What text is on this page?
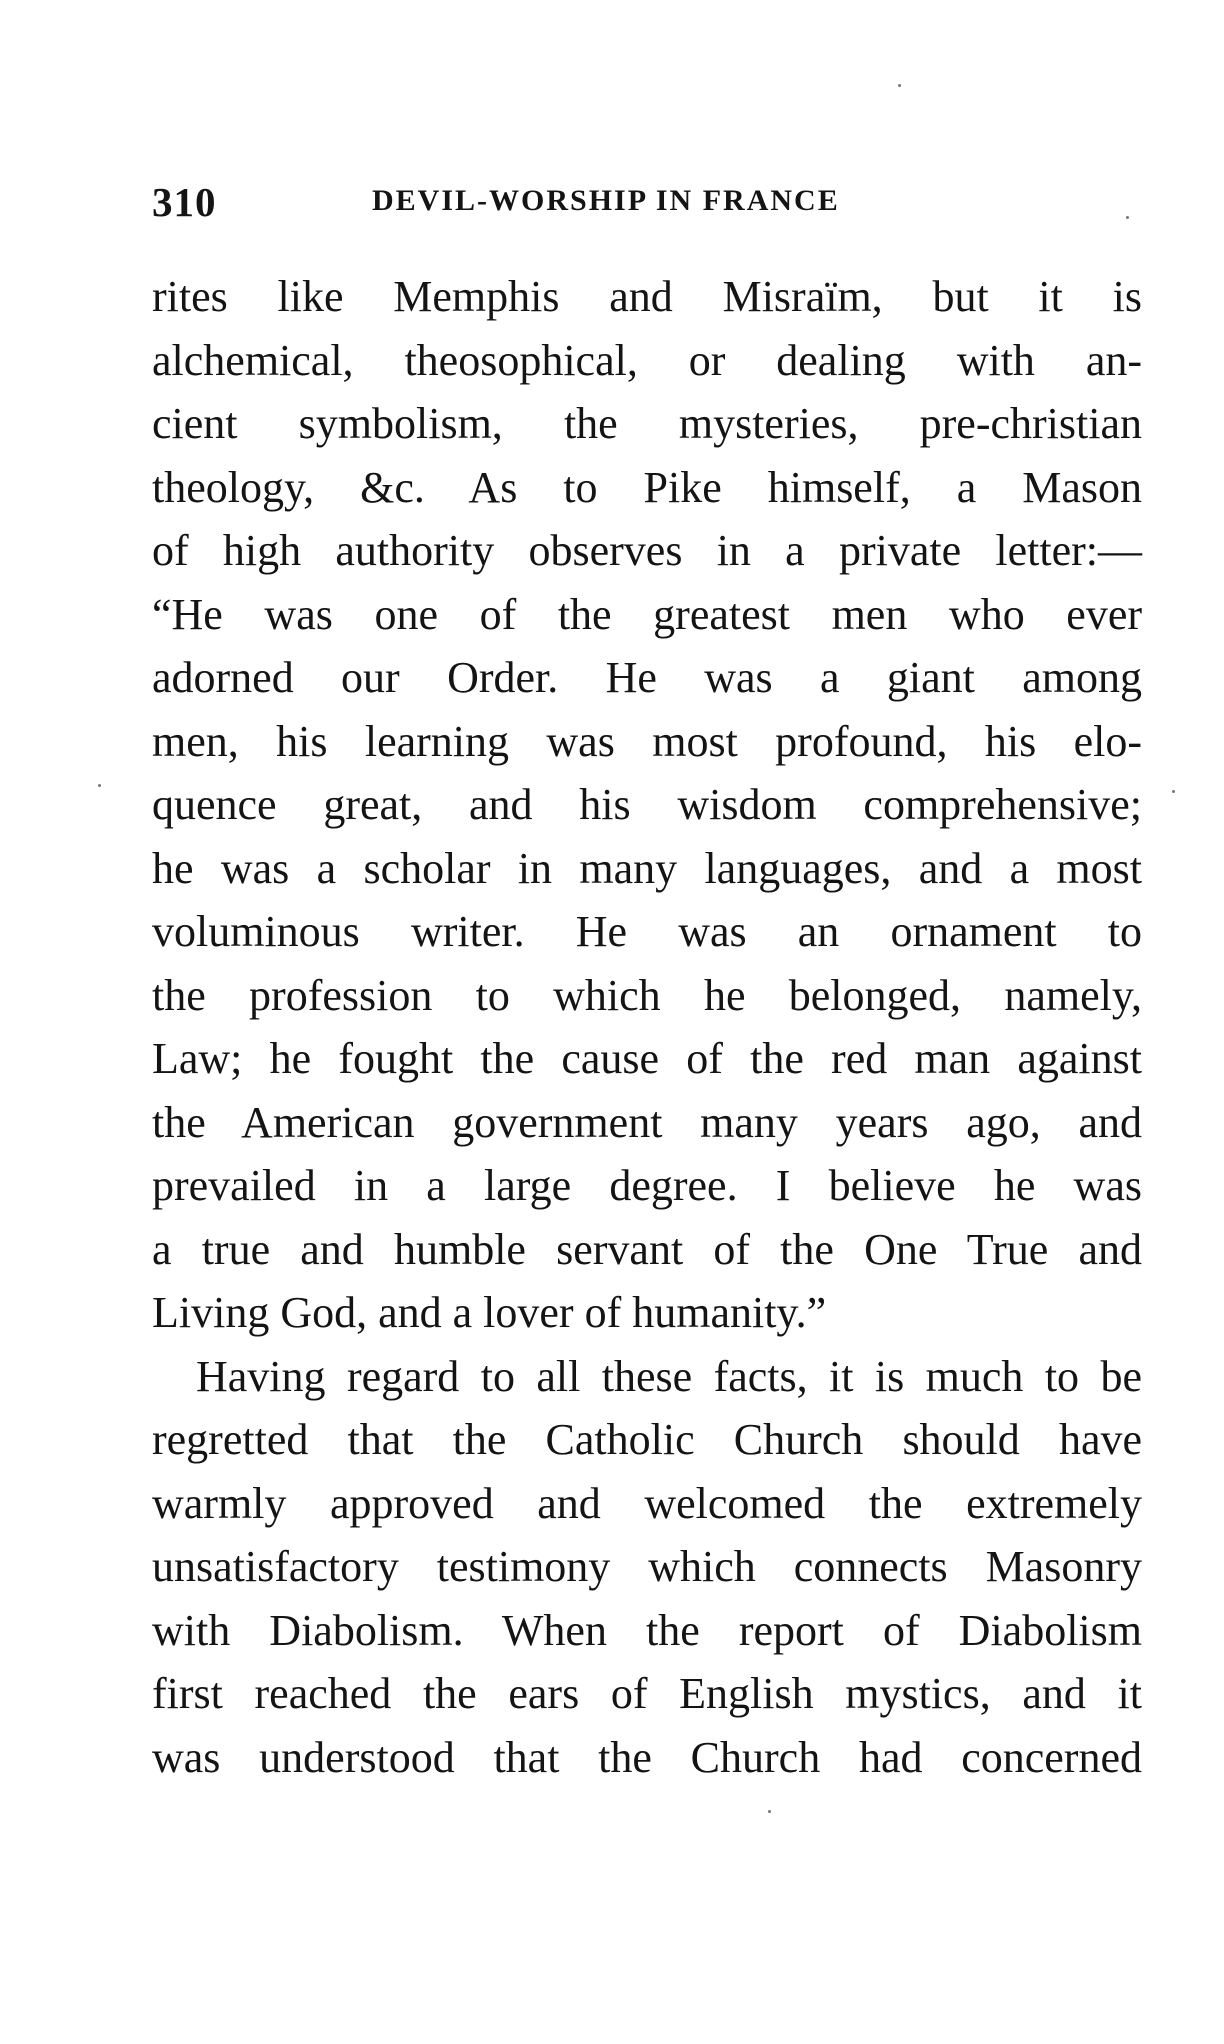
310	DEVIL-WORSHIP IN FRANCE
rites like Memphis and Misraïm, but it is
alchemical, theosophical, or dealing with an-
cient symbolism, the mysteries, pre-christian
theology, &c. As to Pike himself, a Mason
of high authority observes in a private letter:—
“He was one of the greatest men who ever
adorned our Order. He was a giant among
men, his learning was most profound, his elo-
quence great, and his wisdom comprehensive;
he was a scholar in many languages, and a most
voluminous writer. He was an ornament to
the profession to which he belonged, namely,
Law; he fought the cause of the red man against
the American government many years ago, and
prevailed in a large degree. I believe he was
a true and humble servant of the One True and
Living God, and a lover of humanity.”
Having regard to all these facts, it is much to be
regretted that the Catholic Church should have
warmly approved and welcomed the extremely
unsatisfactory testimony which connects Masonry
with Diabolism. When the report of Diabolism
first reached the ears of English mystics, and it
was understood that the Church had concerned
